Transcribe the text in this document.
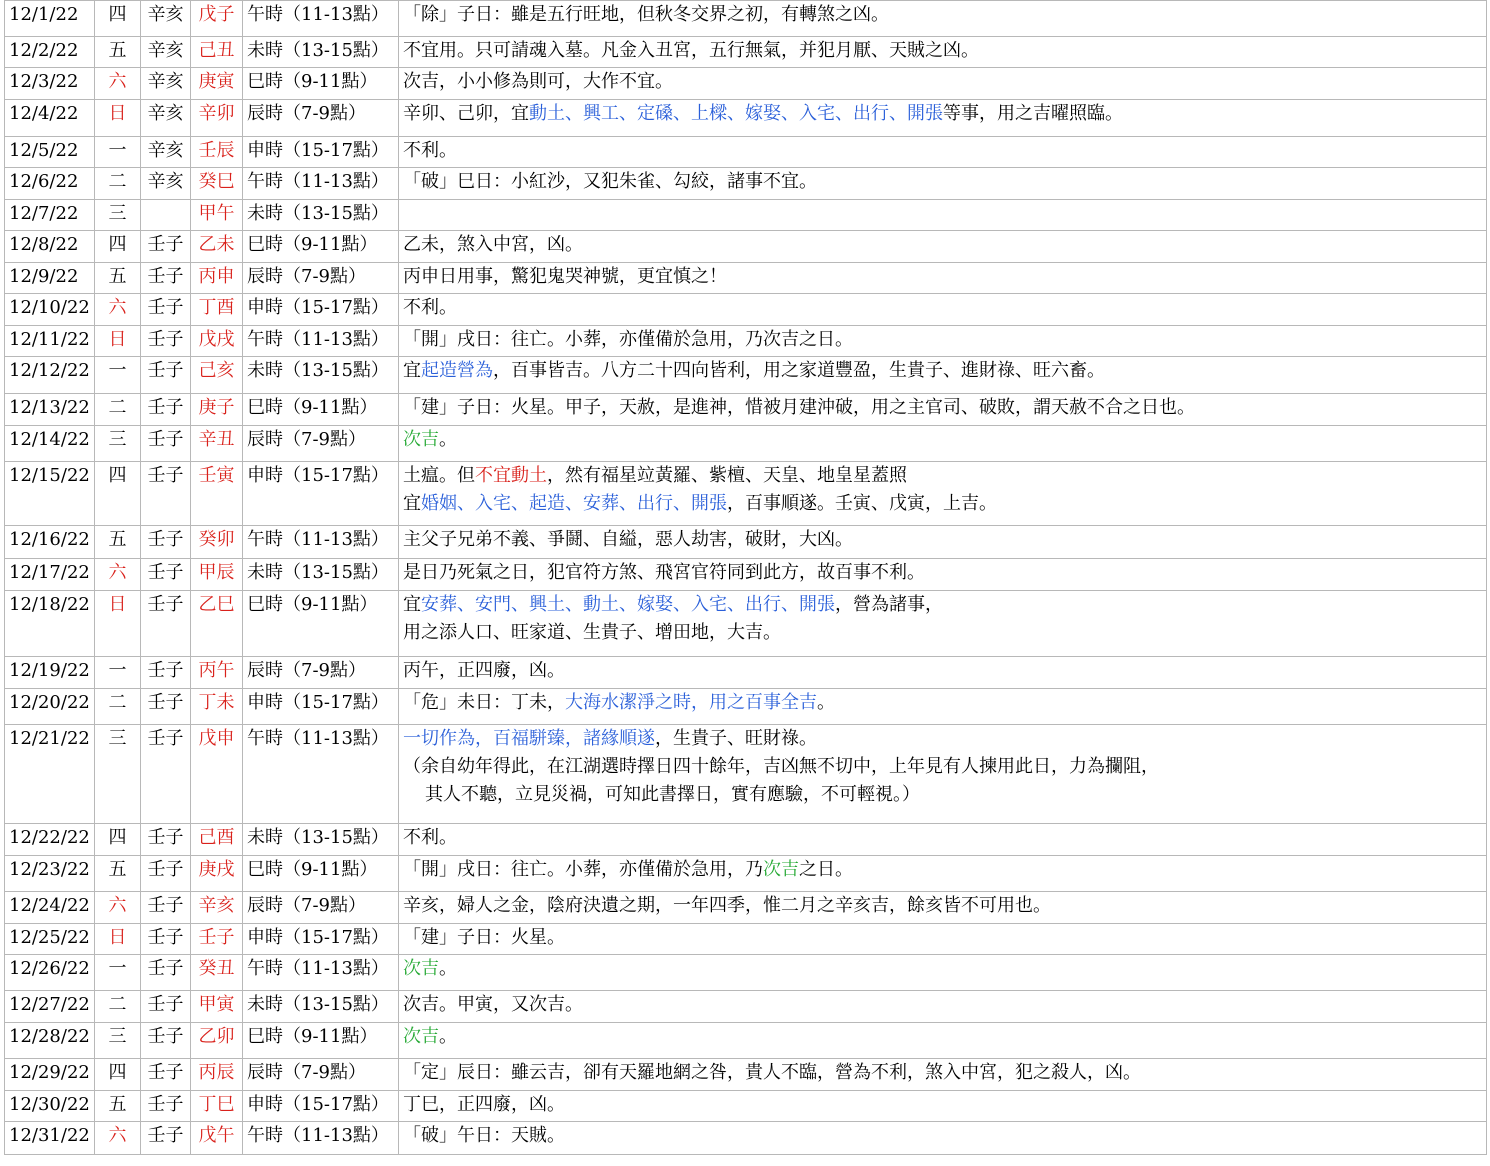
12/1/22	四	辛亥	戊子	午時（11-13點）	「除」子日：雖是五行旺地，但秋冬交界之初，有轉煞之凶。

12/2/22	五	辛亥	己丑	未時（13-15點）	不宜用。只可請魂入墓。凡金入丑宮，五行無氣，并犯月厭、天賊之凶。

12/3/22	六	辛亥	庚寅	巳時（9-11點）	次吉，小小修為則可，大作不宜。

12/4/22	日	辛亥	辛卯	辰時（7-9點）	辛卯、己卯，宜動土、興工、定磉、上樑、嫁娶、入宅、出行、開張等事，用之吉曜照臨。

12/5/22	一	辛亥	壬辰	申時（15-17點）	不利。

12/6/22	二	辛亥	癸巳	午時（11-13點）	「破」巳日：小紅沙，又犯朱雀、勾絞，諸事不宜。

12/7/22	三		甲午	未時（13-15點）	

12/8/22	四	壬子	乙未	巳時（9-11點）	乙未，煞入中宮，凶。

12/9/22	五	壬子	丙申	辰時（7-9點）	丙申日用事，驚犯鬼哭神號，更宜慎之！

12/10/22	六	壬子	丁酉	申時（15-17點）	不利。

12/11/22	日	壬子	戊戌	午時（11-13點）	「開」戌日：往亡。小葬，亦僅備於急用，乃次吉之日。

12/12/22	一	壬子	己亥	未時（13-15點）	宜起造營為，百事皆吉。八方二十四向皆利，用之家道豐盈，生貴子、進財祿、旺六畜。

12/13/22	二	壬子	庚子	巳時（9-11點）	「建」子日：火星。甲子，天赦，是進神，惜被月建沖破，用之主官司、破敗，謂天赦不合之日也。

12/14/22	三	壬子	辛丑	辰時（7-9點）	次吉。

12/15/22	四	壬子	壬寅	申時（15-17點）	土瘟。但不宜動土，然有福星竝黃羅、紫檀、天皇、地皇星蓋照
宜婚姻、入宅、起造、安葬、出行、開張，百事順遂。壬寅、戊寅，上吉。

12/16/22	五	壬子	癸卯	午時（11-13點）	主父子兄弟不義、爭鬪、自縊，惡人劫害，破財，大凶。

12/17/22	六	壬子	甲辰	未時（13-15點）	是日乃死氣之日，犯官符方煞、飛宮官符同到此方，故百事不利。

12/18/22	日	壬子	乙巳	巳時（9-11點）	宜安葬、安門、興土、動土、嫁娶、入宅、出行、開張，營為諸事，
用之添人口、旺家道、生貴子、增田地，大吉。

12/19/22	一	壬子	丙午	辰時（7-9點）	丙午，正四廢，凶。

12/20/22	二	壬子	丁未	申時（15-17點）	「危」未日：丁未，大海水潔淨之時，用之百事全吉。

12/21/22	三	壬子	戊申	午時（11-13點）	一切作為，百福駢臻，諸緣順遂，生貴子、旺財祿。
（余自幼年得此，在江湖選時擇日四十餘年，吉凶無不切中，上年見有人揀用此日，力為攔阻，
其人不聽，立見災禍，可知此書擇日，實有應驗，不可輕視。）

12/22/22	四	壬子	己酉	未時（13-15點）	不利。

12/23/22	五	壬子	庚戌	巳時（9-11點）	「開」戌日：往亡。小葬，亦僅備於急用，乃次吉之日。

12/24/22	六	壬子	辛亥	辰時（7-9點）	辛亥，婦人之金，陰府決遺之期，一年四季，惟二月之辛亥吉，餘亥皆不可用也。

12/25/22	日	壬子	壬子	申時（15-17點）	「建」子日：火星。

12/26/22	一	壬子	癸丑	午時（11-13點）	次吉。

12/27/22	二	壬子	甲寅	未時（13-15點）	次吉。甲寅，又次吉。

12/28/22	三	壬子	乙卯	巳時（9-11點）	次吉。

12/29/22	四	壬子	丙辰	辰時（7-9點）	「定」辰日：雖云吉，卻有天羅地網之咎，貴人不臨，營為不利，煞入中宮，犯之殺人，凶。

12/30/22	五	壬子	丁巳	申時（15-17點）	丁巳，正四廢，凶。

12/31/22	六	壬子	戊午	午時（11-13點）	「破」午日：天賊。
